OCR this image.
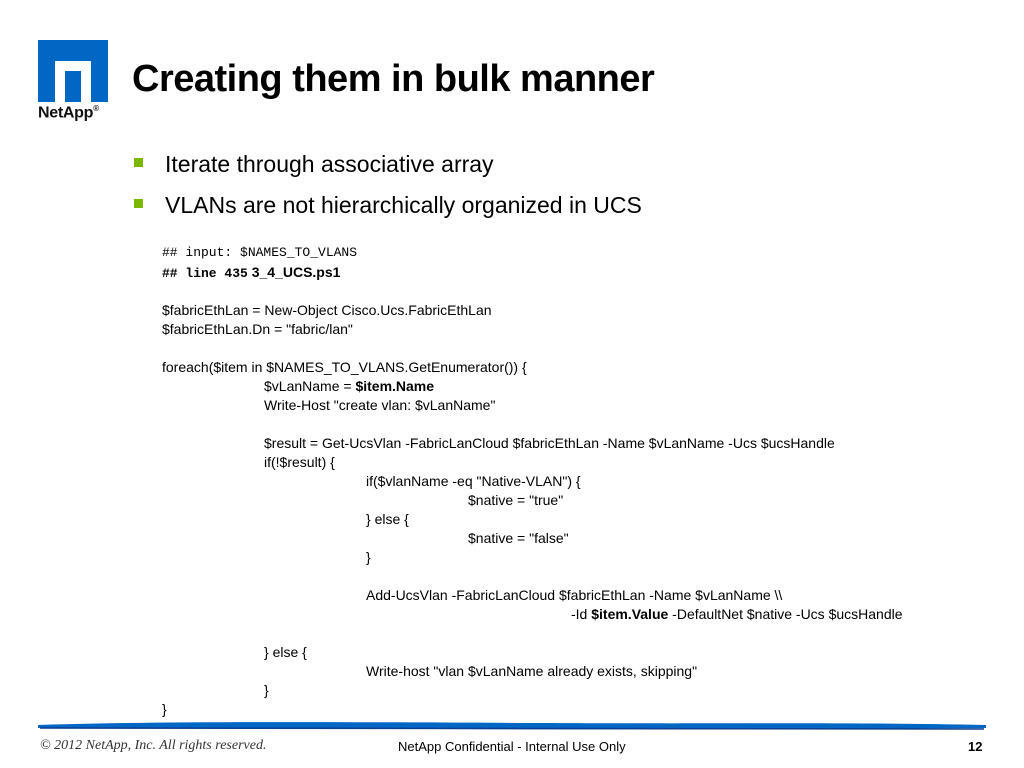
NetApp®
Creating them in bulk manner
Iterate through associative array
VLANs are not hierarchically organized in UCS
## input: $NAMES_TO_VLANS
## line 435 3_4_UCS.ps1
$fabricEthLan = New-Object Cisco.Ucs.FabricEthLan
$fabricEthLan.Dn = "fabric/lan"
foreach($item in $NAMES_TO_VLANS.GetEnumerator()) {
$vLanName = $item.Name
Write-Host "create vlan: $vLanName"
$result = Get-UcsVlan -FabricLanCloud $fabricEthLan -Name $vLanName -Ucs $ucsHandle
if(!$result) {
if($vlanName -eq "Native-VLAN") {
$native = "true"
} else {
$native = "false"
}
Add-UcsVlan -FabricLanCloud $fabricEthLan -Name $vLanName \\
-Id $item.Value -DefaultNet $native -Ucs $ucsHandle
} else {
Write-host "vlan $vLanName already exists, skipping"
}
}
© 2012 NetApp, Inc. All rights reserved.	NetApp Confidential - Internal Use Only	12
